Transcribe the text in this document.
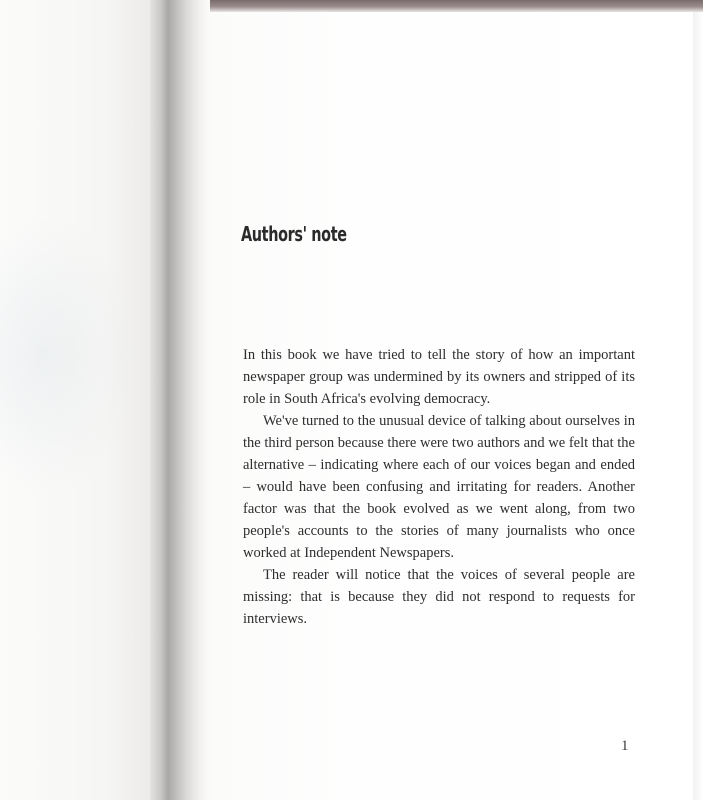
Authors' note

In this book we have tried to tell the story of how an important newspaper group was undermined by its owners and stripped of its role in South Africa's evolving democracy.

We've turned to the unusual device of talking about ourselves in the third person because there were two authors and we felt that the alternative – indicating where each of our voices began and ended – would have been confusing and irritating for readers. Another factor was that the book evolved as we went along, from two people's accounts to the stories of many journalists who once worked at Independent Newspapers.

The reader will notice that the voices of several people are missing: that is because they did not respond to requests for interviews.

1
